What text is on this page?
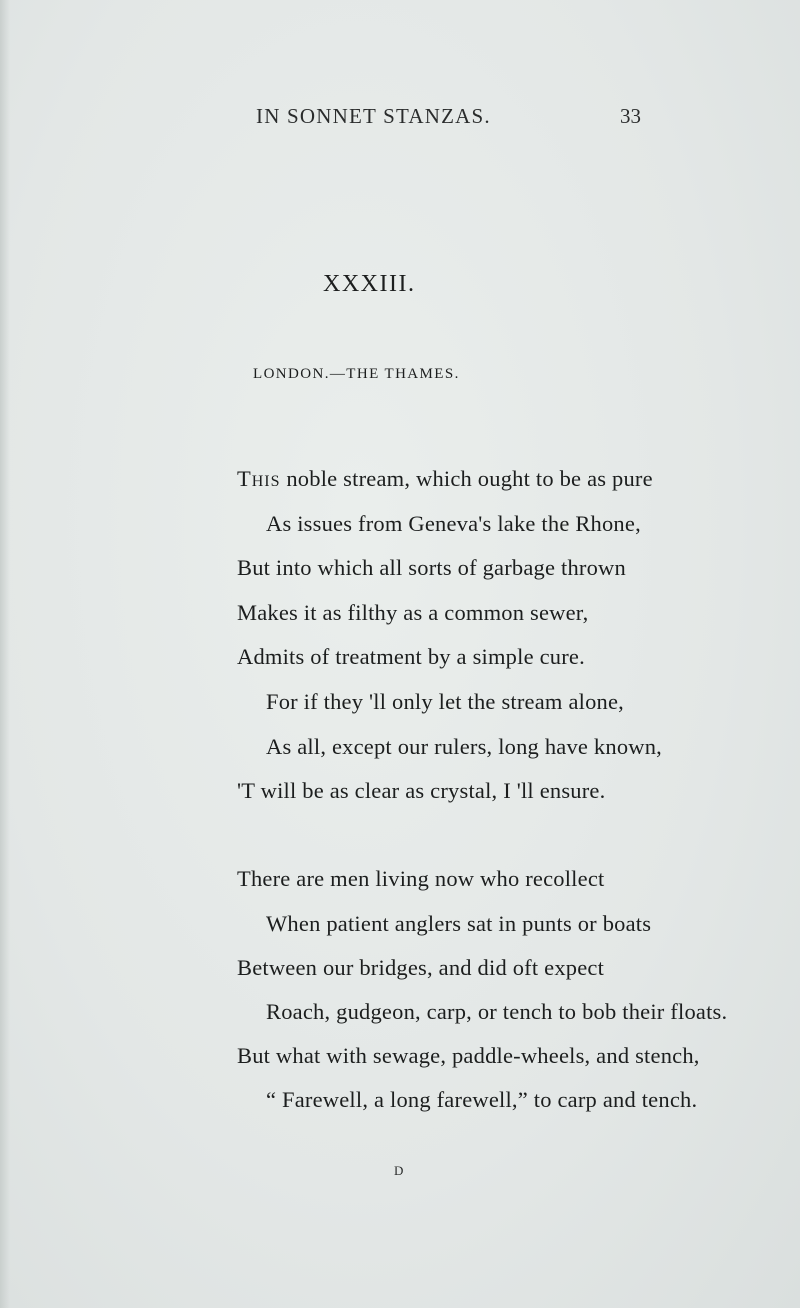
IN SONNET STANZAS.	33
XXXIII.
LONDON.—THE THAMES.
This noble stream, which ought to be as pure
As issues from Geneva's lake the Rhone,
But into which all sorts of garbage thrown
Makes it as filthy as a common sewer,
Admits of treatment by a simple cure.
For if they 'll only let the stream alone,
As all, except our rulers, long have known,
'T will be as clear as crystal, I 'll ensure.
There are men living now who recollect
When patient anglers sat in punts or boats
Between our bridges, and did oft expect
Roach, gudgeon, carp, or tench to bob their floats.
But what with sewage, paddle-wheels, and stench,
“ Farewell, a long farewell,” to carp and tench.
D
